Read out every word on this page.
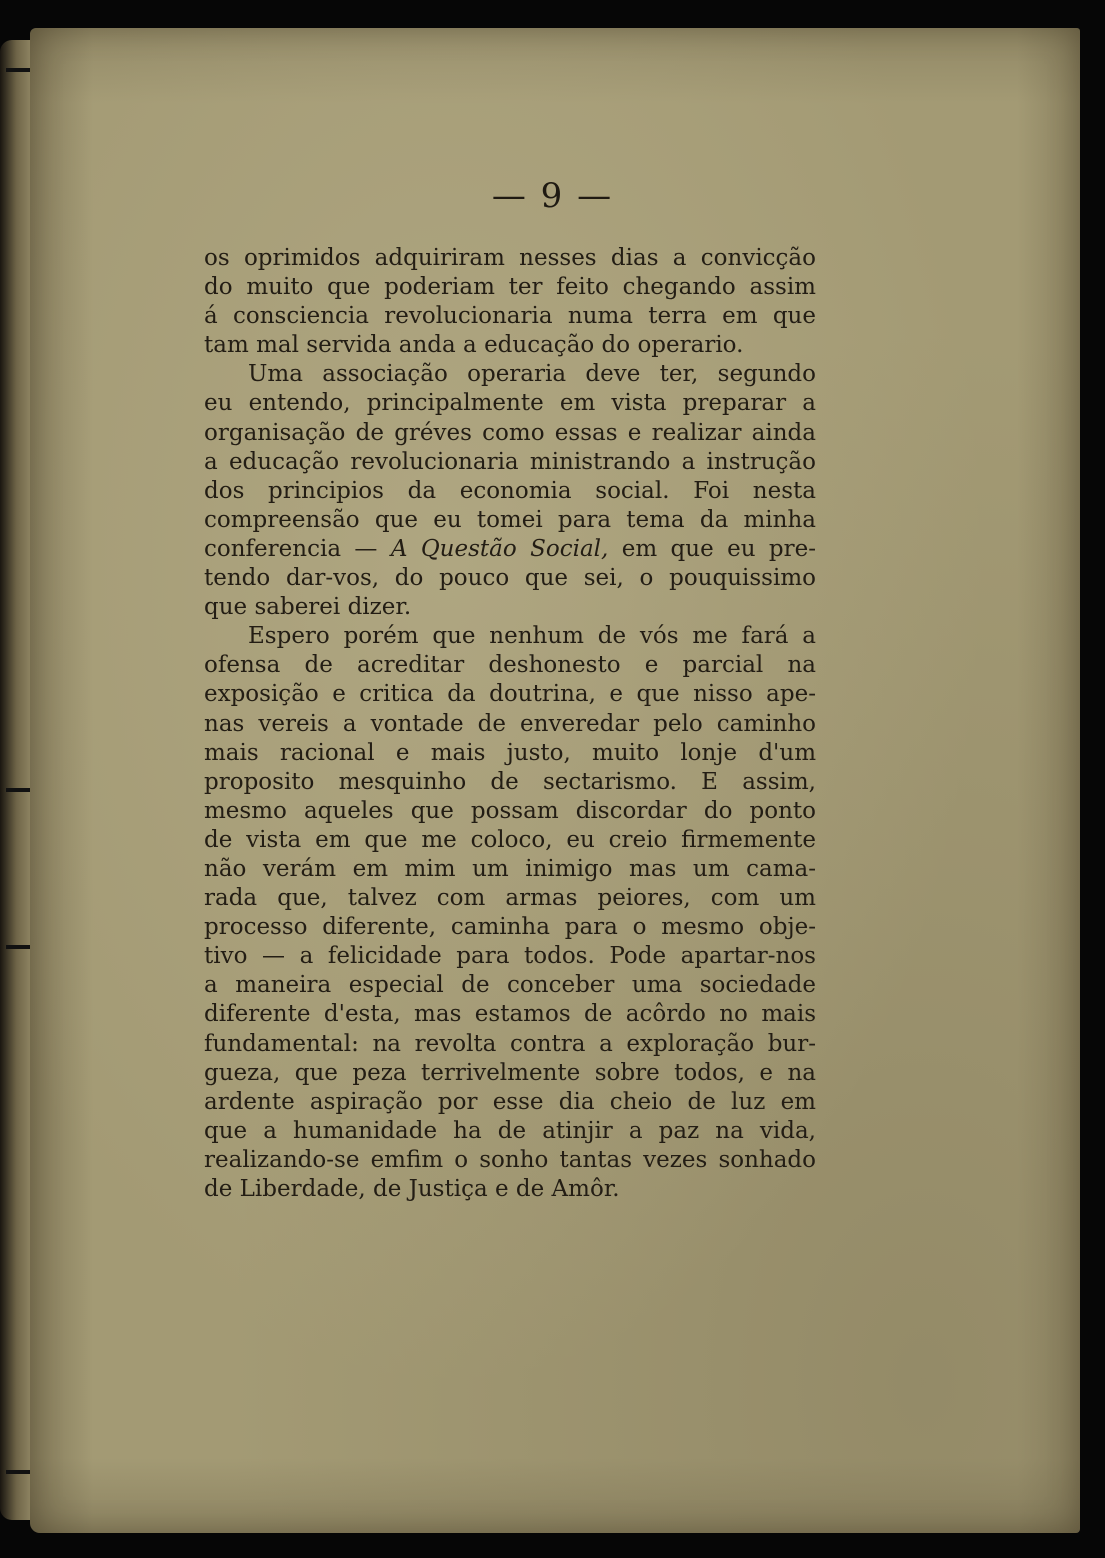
— 9 —
os oprimidos adquiriram nesses dias a convicção
do muito que poderiam ter feito chegando assim
á consciencia revolucionaria numa terra em que
tam mal servida anda a educação do operario.
Uma associação operaria deve ter, segundo
eu entendo, principalmente em vista preparar a
organisação de gréves como essas e realizar ainda
a educação revolucionaria ministrando a instrução
dos principios da economia social. Foi nesta
compreensão que eu tomei para tema da minha
conferencia — A Questão Social, em que eu pre-
tendo dar-vos, do pouco que sei, o pouquissimo
que saberei dizer.
Espero porém que nenhum de vós me fará a
ofensa de acreditar deshonesto e parcial na
exposição e critica da doutrina, e que nisso ape-
nas vereis a vontade de enveredar pelo caminho
mais racional e mais justo, muito lonje d'um
proposito mesquinho de sectarismo. E assim,
mesmo aqueles que possam discordar do ponto
de vista em que me coloco, eu creio firmemente
não verám em mim um inimigo mas um cama-
rada que, talvez com armas peiores, com um
processo diferente, caminha para o mesmo obje-
tivo — a felicidade para todos. Pode apartar-nos
a maneira especial de conceber uma sociedade
diferente d'esta, mas estamos de acôrdo no mais
fundamental: na revolta contra a exploração bur-
gueza, que peza terrivelmente sobre todos, e na
ardente aspiração por esse dia cheio de luz em
que a humanidade ha de atinjir a paz na vida,
realizando-se emfim o sonho tantas vezes sonhado
de Liberdade, de Justiça e de Amôr.
